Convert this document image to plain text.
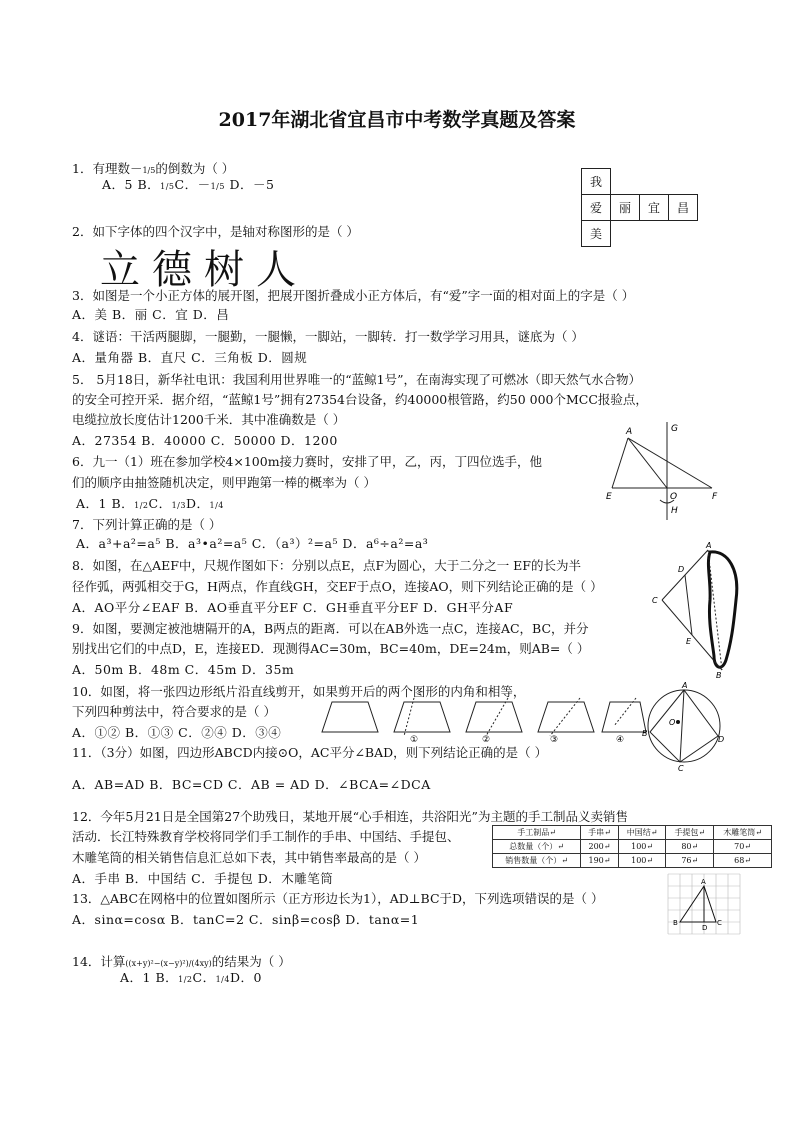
2017年湖北省宜昌市中考数学真题及答案
1．有理数－1/5的倒数为（ ）
A．5 B．1/5C．－1/5 D．－5	我			
爱	丽	宜	昌
美			
2．如下字体的四个汉字中，是轴对称图形的是（ ）
立德树人
3．如图是一个小正方体的展开图，把展开图折叠成小正方体后，有“爱”字一面的相对面上的字是（ ）
A．美 B．丽 C．宜 D．昌
4．谜语：干活两腿脚，一腿勤，一腿懒，一脚站，一脚转．打一数学学习用具，谜底为（ ）
A．量角器 B．直尺 C．三角板 D．圆规
5． 5月18日，新华社电讯：我国利用世界唯一的“蓝鲸1号”，在南海实现了可燃冰（即天然气水合物）
的安全可控开采．据介绍，“蓝鲸1号”拥有27354台设备，约40000根管路，约50 000个MCC报验点，
电缆拉放长度估计1200千米．其中准确数是（ ）
A．27354 B．40000 C．50000 D．1200
A	G
E	O	F
H
6．九一（1）班在参加学校4×100m接力赛时，安排了甲，乙，丙，丁四位选手，他
们的顺序由抽签随机决定，则甲跑第一棒的概率为（ ）
A．1 B．1/2C．1/3D．1/4
7．下列计算正确的是（ ）
A．a³+a²=a⁵ B．a³•a²=a⁵ C．（a³）²=a⁵ D．a⁶÷a²=a³	A
D
C
E
B
8．如图，在△AEF中，尺规作图如下：分别以点E，点F为圆心，大于二分之一 EF的长为半
径作弧，两弧相交于G，H两点，作直线GH，交EF于点O，连接AO，则下列结论正确的是（ ）
A．AO平分∠EAF B．AO垂直平分EF C．GH垂直平分EF D．GH平分AF
9．如图，要测定被池塘隔开的A，B两点的距离．可以在AB外选一点C，连接AC，BC，并分
别找出它们的中点D，E，连接ED．现测得AC=30m，BC=40m，DE=24m，则AB=（ ）
A．50m B．48m C．45m D．35m
10．如图，将一张四边形纸片沿直线剪开，如果剪开后的两个图形的内角和相等，
下列四种剪法中，符合要求的是（ ）
A．①② B．①③ C．②④ D．③④	①	②	③	④
A
B
C
D
O
11．（3分）如图，四边形ABCD内接⊙O，AC平分∠BAD，则下列结论正确的是（ ）
A．AB=AD B．BC=CD C．AB = AD D．∠BCA=∠DCA
12．今年5月21日是全国第27个助残日，某地开展“心手相连，共浴阳光”为主题的手工制品义卖销售
活动．长江特殊教育学校将同学们手工制作的手串、中国结、手提包、
木雕笔筒的相关销售信息汇总如下表，其中销售率最高的是（ ）
A．手串 B．中国结 C．手提包 D．木雕笔筒
手工制品↵	手串↵	中国结↵	手提包↵	木雕笔筒↵
总数量（个）↵	200↵	100↵	80↵	70↵
销售数量（个）↵	190↵	100↵	76↵	68↵
13．△ABC在网格中的位置如图所示（正方形边长为1），AD⊥BC于D，下列选项错误的是（ ）
A．sinα=cosα B．tanC=2 C．sinβ=cosβ D．tanα=1
A
B	C
D
14．计算((x+y)²−(x−y)²)/(4xy)的结果为（ ）
A．1 B．1/2C．1/4D．0
